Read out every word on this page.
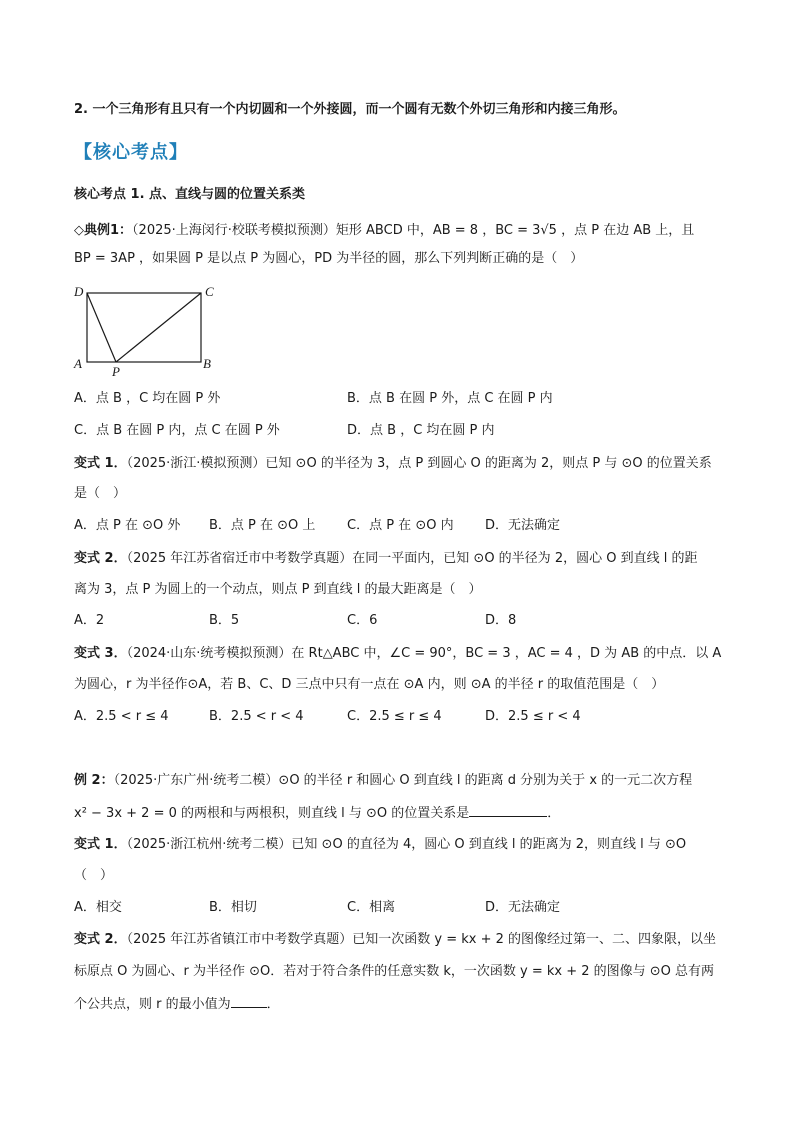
2. 一个三角形有且只有一个内切圆和一个外接圆，而一个圆有无数个外切三角形和内接三角形。
【核心考点】
核心考点 1. 点、直线与圆的位置关系类
◇典例1：（2025·上海闵行·校联考模拟预测）矩形 ABCD 中，AB = 8 ，BC = 3√5 ，点 P 在边 AB 上，且
BP = 3AP ，如果圆 P 是以点 P 为圆心，PD 为半径的圆，那么下列判断正确的是（　）
D	C
A
P
B
A．点 B ，C 均在圆 P 外	B．点 B 在圆 P 外，点 C 在圆 P 内
C．点 B 在圆 P 内，点 C 在圆 P 外	D．点 B ，C 均在圆 P 内
变式 1．（2025·浙江·模拟预测）已知 ⊙O 的半径为 3，点 P 到圆心 O 的距离为 2，则点 P 与 ⊙O 的位置关系
是（　）
A．点 P 在 ⊙O 外 B．点 P 在 ⊙O 上 C．点 P 在 ⊙O 内 D．无法确定
变式 2．（2025 年江苏省宿迁市中考数学真题）在同一平面内，已知 ⊙O 的半径为 2，圆心 O 到直线 l 的距
离为 3，点 P 为圆上的一个动点，则点 P 到直线 l 的最大距离是（　）
A．2	B．5	C．6	D．8
变式 3．（2024·山东·统考模拟预测）在 Rt△ABC 中，∠C = 90°，BC = 3 ，AC = 4 ，D 为 AB 的中点．以 A
为圆心，r 为半径作⊙A，若 B、C、D 三点中只有一点在 ⊙A 内，则 ⊙A 的半径 r 的取值范围是（　）
A．2.5 < r ≤ 4	B．2.5 < r < 4	C．2.5 ≤ r ≤ 4	D．2.5 ≤ r < 4
例 2：（2025·广东广州·统考二模）⊙O 的半径 r 和圆心 O 到直线 l 的距离 d 分别为关于 x 的一元二次方程
x² − 3x + 2 = 0 的两根和与两根积，则直线 l 与 ⊙O 的位置关系是	．
变式 1．（2025·浙江杭州·统考二模）已知 ⊙O 的直径为 4，圆心 O 到直线 l 的距离为 2，则直线 l 与 ⊙O
（　）
A．相交	B．相切	C．相离	D．无法确定
变式 2．（2025 年江苏省镇江市中考数学真题）已知一次函数 y = kx + 2 的图像经过第一、二、四象限，以坐
标原点 O 为圆心、r 为半径作 ⊙O．若对于符合条件的任意实数 k，一次函数 y = kx + 2 的图像与 ⊙O 总有两
个公共点，则 r 的最小值为	．
